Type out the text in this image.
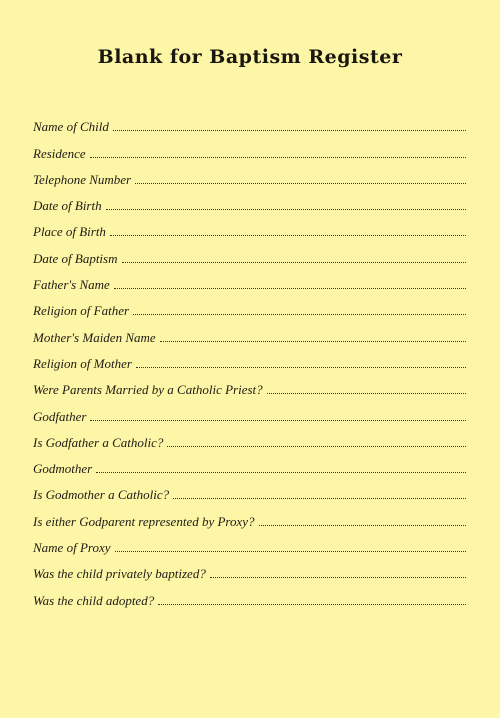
Blank for Baptism Register
Name of Child
Residence
Telephone Number
Date of Birth
Place of Birth
Date of Baptism
Father's Name
Religion of Father
Mother's Maiden Name
Religion of Mother
Were Parents Married by a Catholic Priest?
Godfather
Is Godfather a Catholic?
Godmother
Is Godmother a Catholic?
Is either Godparent represented by Proxy?
Name of Proxy
Was the child privately baptized?
Was the child adopted?
